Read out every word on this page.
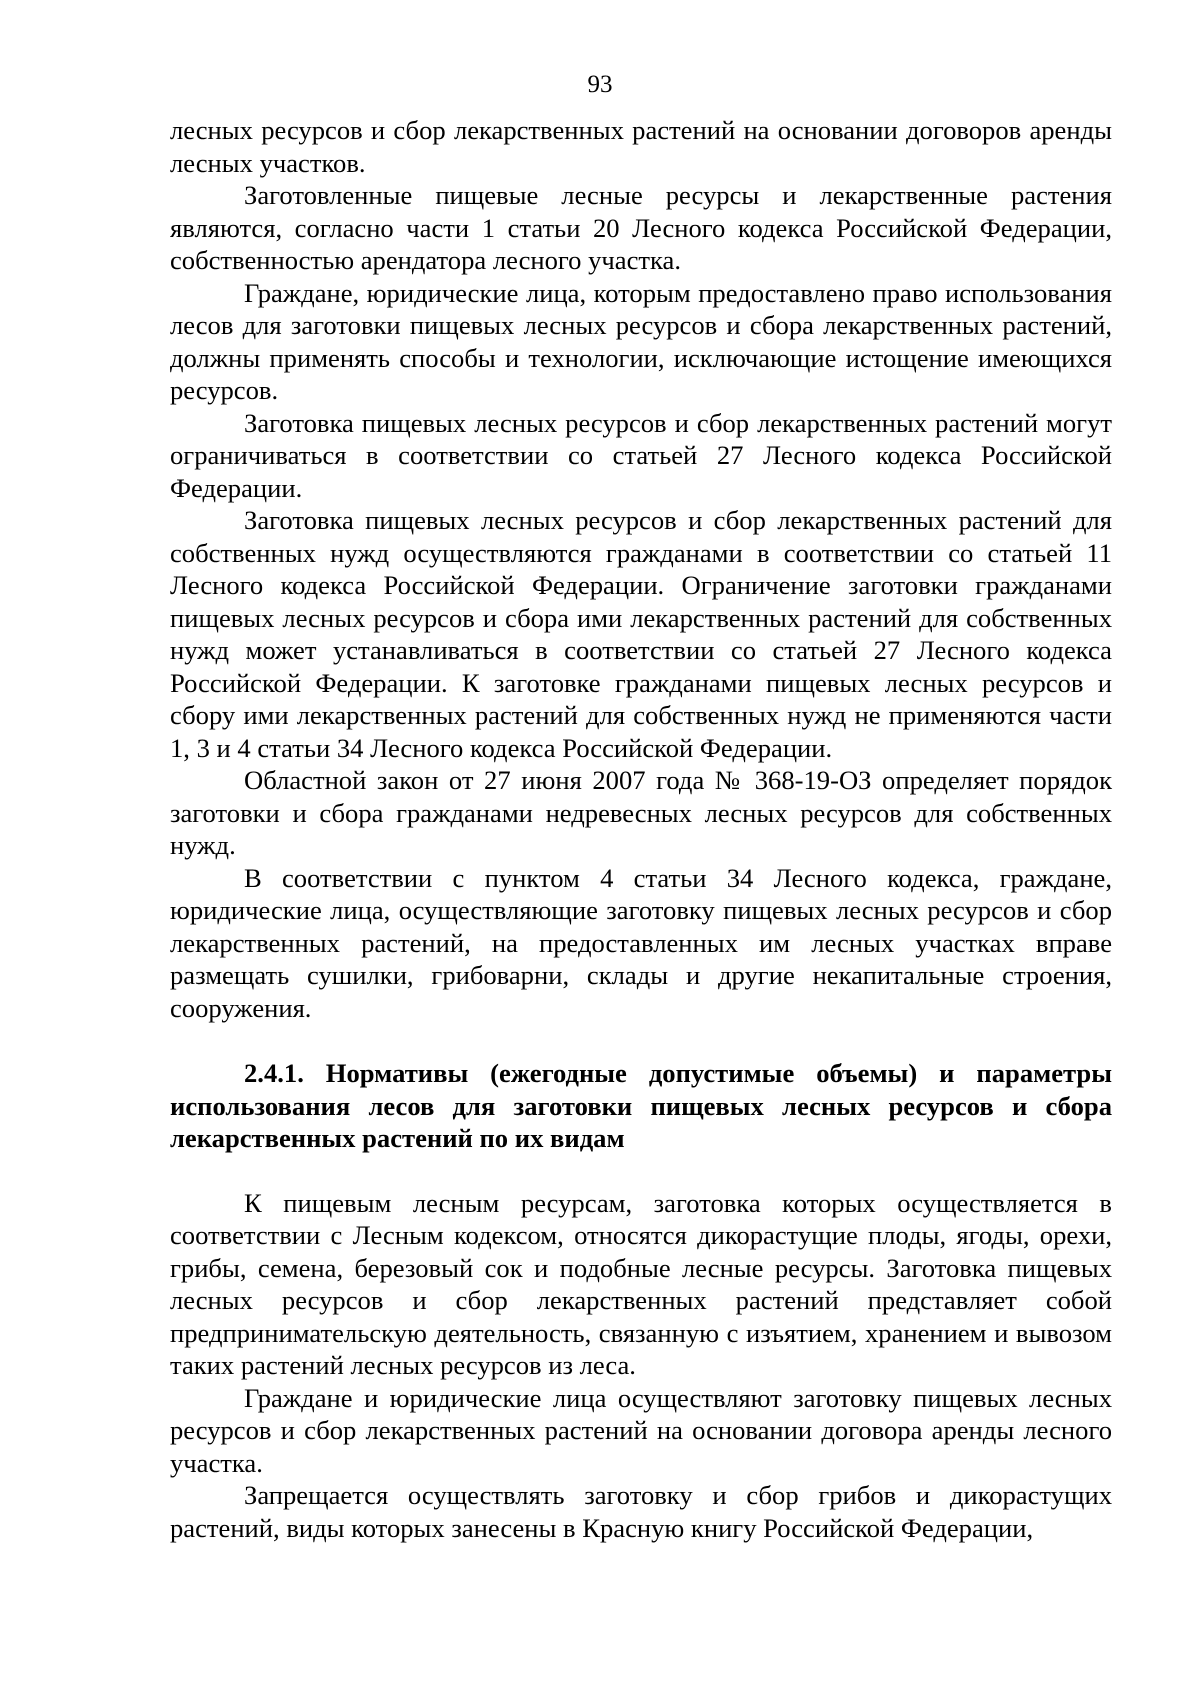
93

лесных ресурсов и сбор лекарственных растений на основании договоров аренды лесных участков.

Заготовленные пищевые лесные ресурсы и лекарственные растения являются, согласно части 1 статьи 20 Лесного кодекса Российской Федерации, собственностью арендатора лесного участка.

Граждане, юридические лица, которым предоставлено право использования лесов для заготовки пищевых лесных ресурсов и сбора лекарственных растений, должны применять способы и технологии, исключающие истощение имеющихся ресурсов.

Заготовка пищевых лесных ресурсов и сбор лекарственных растений могут ограничиваться в соответствии со статьей 27 Лесного кодекса Российской Федерации.

Заготовка пищевых лесных ресурсов и сбор лекарственных растений для собственных нужд осуществляются гражданами в соответствии со статьей 11 Лесного кодекса Российской Федерации. Ограничение заготовки гражданами пищевых лесных ресурсов и сбора ими лекарственных растений для собственных нужд может устанавливаться в соответствии со статьей 27 Лесного кодекса Российской Федерации. К заготовке гражданами пищевых лесных ресурсов и сбору ими лекарственных растений для собственных нужд не применяются части 1, 3 и 4 статьи 34 Лесного кодекса Российской Федерации.

Областной закон от 27 июня 2007 года № 368-19-ОЗ определяет порядок заготовки и сбора гражданами недревесных лесных ресурсов для собственных нужд.

В соответствии с пунктом 4 статьи 34 Лесного кодекса, граждане, юридические лица, осуществляющие заготовку пищевых лесных ресурсов и сбор лекарственных растений, на предоставленных им лесных участках вправе размещать сушилки, грибоварни, склады и другие некапитальные строения, сооружения.

2.4.1. Нормативы (ежегодные допустимые объемы) и параметры использования лесов для заготовки пищевых лесных ресурсов и сбора лекарственных растений по их видам

К пищевым лесным ресурсам, заготовка которых осуществляется в соответствии с Лесным кодексом, относятся дикорастущие плоды, ягоды, орехи, грибы, семена, березовый сок и подобные лесные ресурсы. Заготовка пищевых лесных ресурсов и сбор лекарственных растений представляет собой предпринимательскую деятельность, связанную с изъятием, хранением и вывозом таких растений лесных ресурсов из леса.

Граждане и юридические лица осуществляют заготовку пищевых лесных ресурсов и сбор лекарственных растений на основании договора аренды лесного участка.

Запрещается осуществлять заготовку и сбор грибов и дикорастущих растений, виды которых занесены в Красную книгу Российской Федерации,
